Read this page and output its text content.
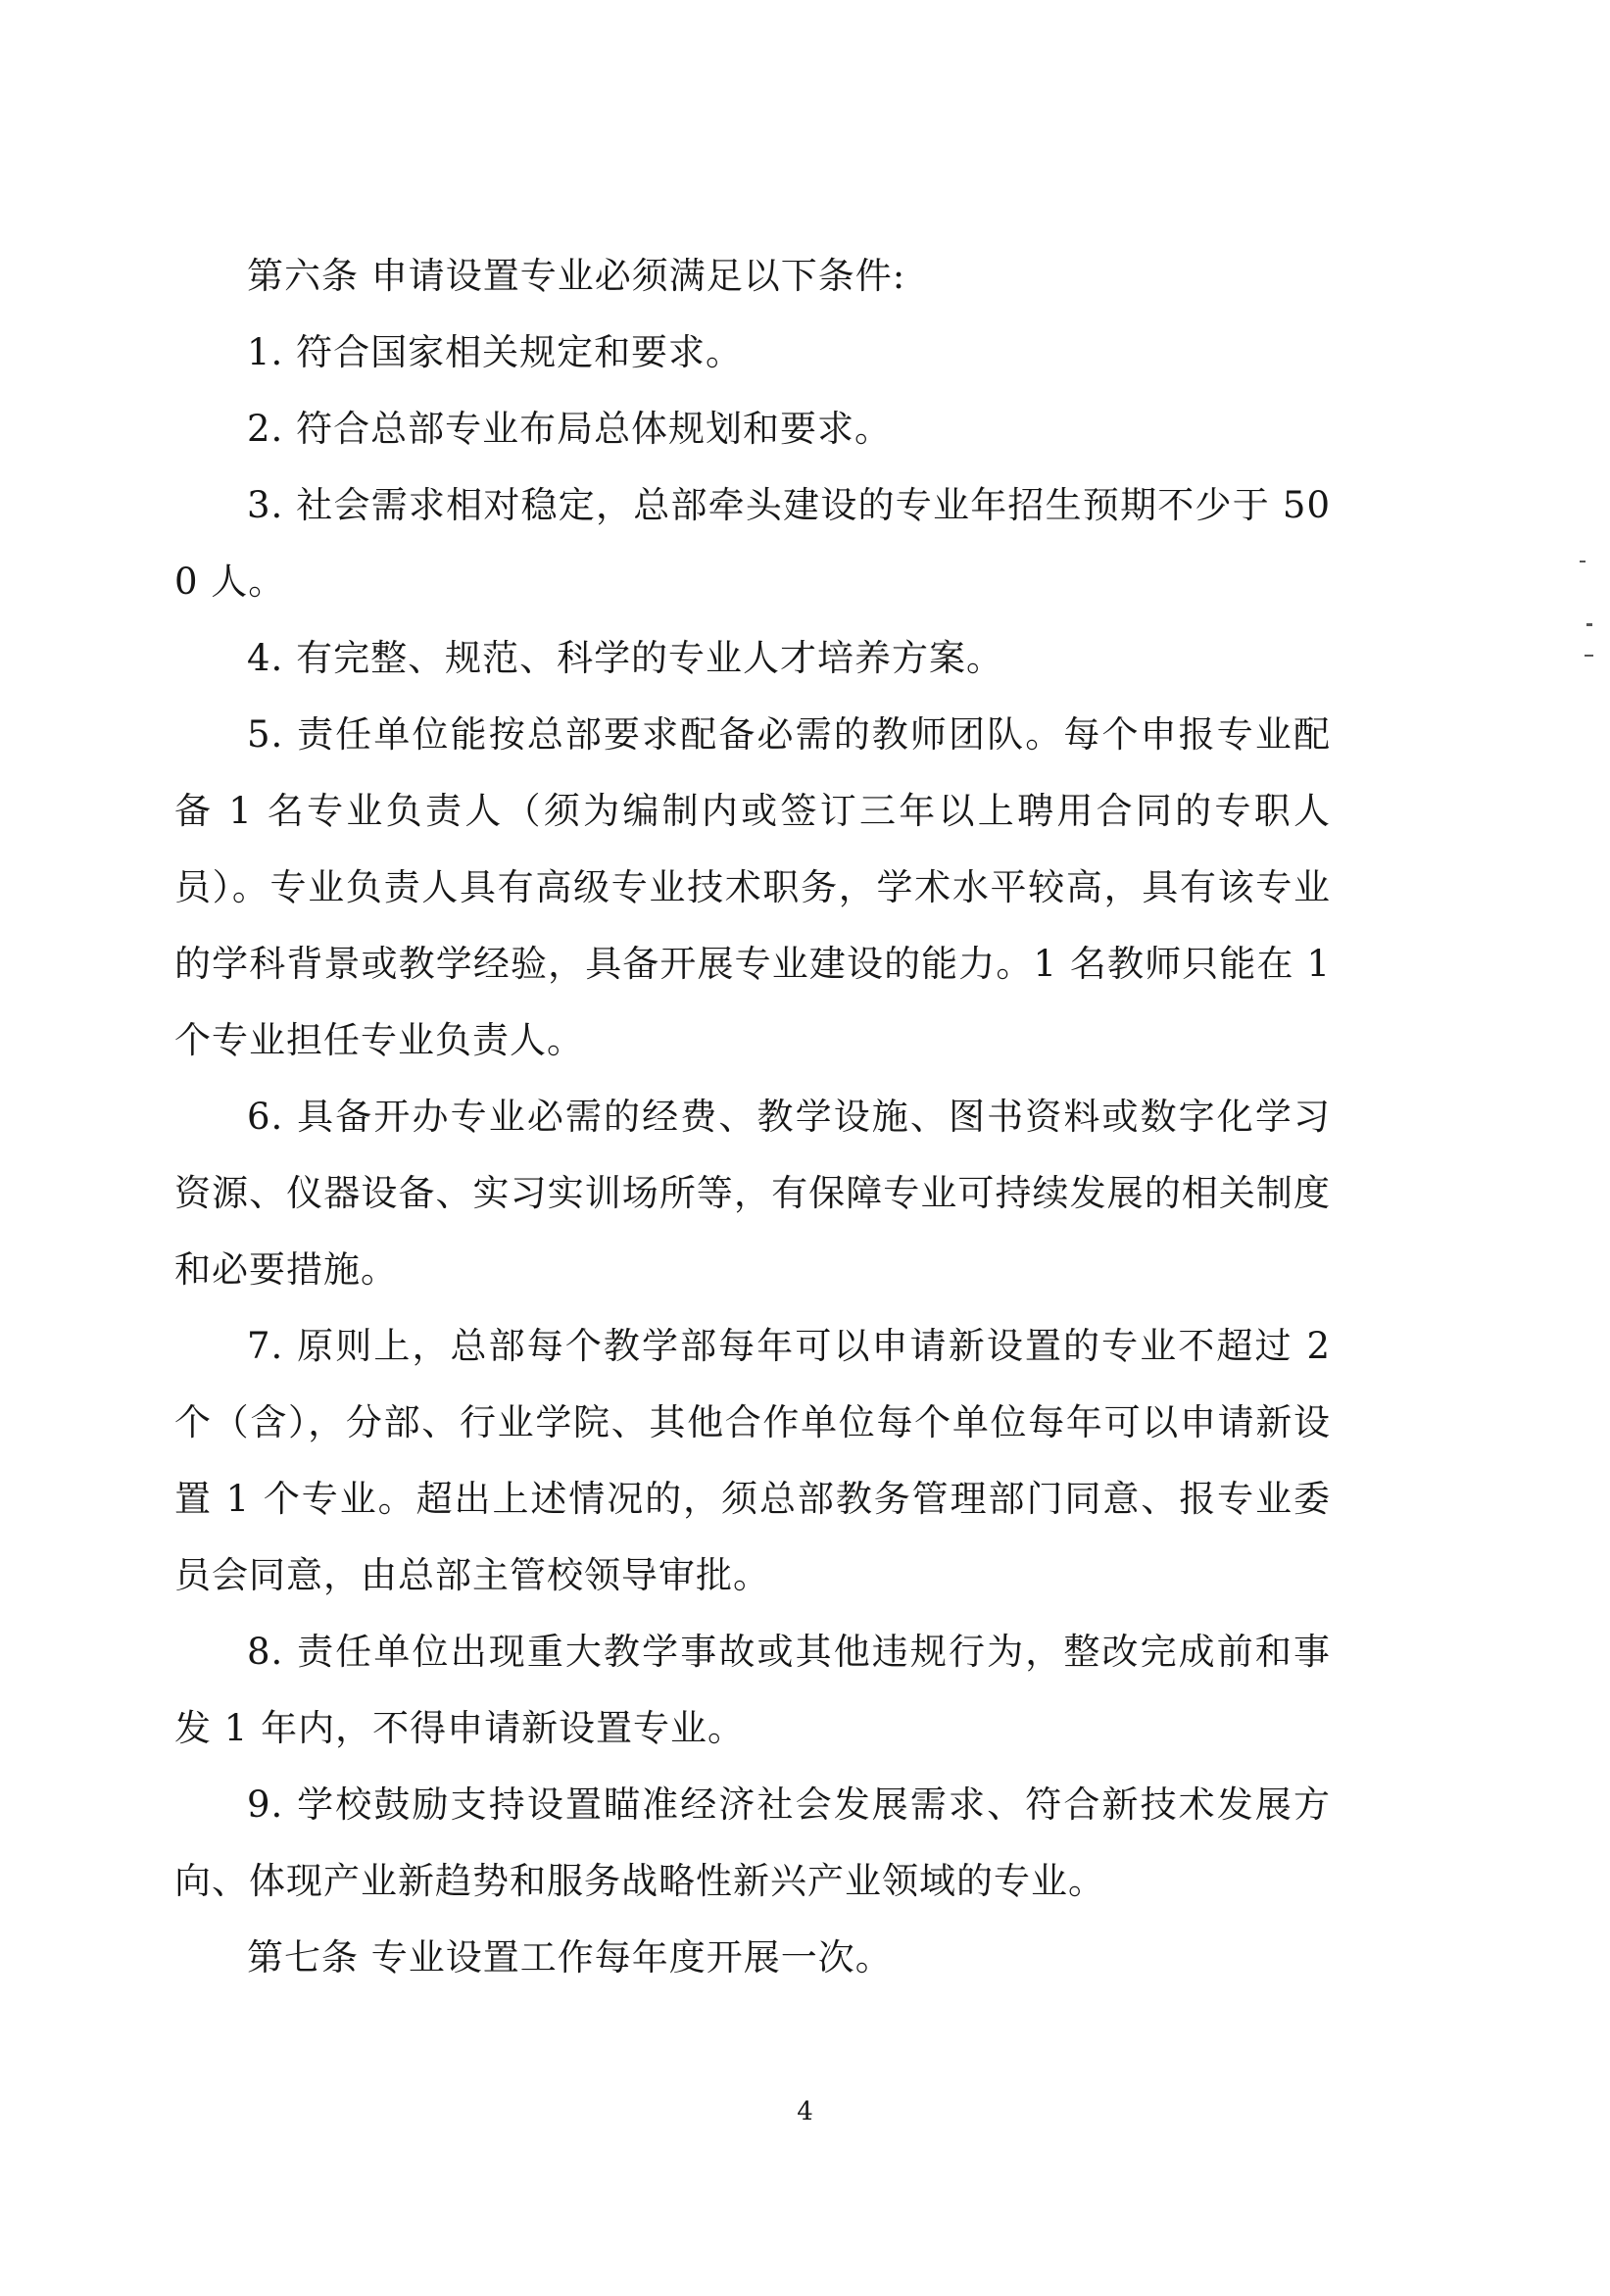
第六条 申请设置专业必须满足以下条件:

1. 符合国家相关规定和要求。

2. 符合总部专业布局总体规划和要求。

3. 社会需求相对稳定，总部牵头建设的专业年招生预期不少于 500 人。

4. 有完整、规范、科学的专业人才培养方案。

5. 责任单位能按总部要求配备必需的教师团队。每个申报专业配备 1 名专业负责人（须为编制内或签订三年以上聘用合同的专职人员）。专业负责人具有高级专业技术职务，学术水平较高，具有该专业的学科背景或教学经验，具备开展专业建设的能力。1 名教师只能在 1 个专业担任专业负责人。

6. 具备开办专业必需的经费、教学设施、图书资料或数字化学习资源、仪器设备、实习实训场所等，有保障专业可持续发展的相关制度和必要措施。

7. 原则上，总部每个教学部每年可以申请新设置的专业不超过 2 个（含），分部、行业学院、其他合作单位每个单位每年可以申请新设置 1 个专业。超出上述情况的，须总部教务管理部门同意、报专业委员会同意，由总部主管校领导审批。

8. 责任单位出现重大教学事故或其他违规行为，整改完成前和事发 1 年内，不得申请新设置专业。

9. 学校鼓励支持设置瞄准经济社会发展需求、符合新技术发展方向、体现产业新趋势和服务战略性新兴产业领域的专业。

第七条 专业设置工作每年度开展一次。

4
